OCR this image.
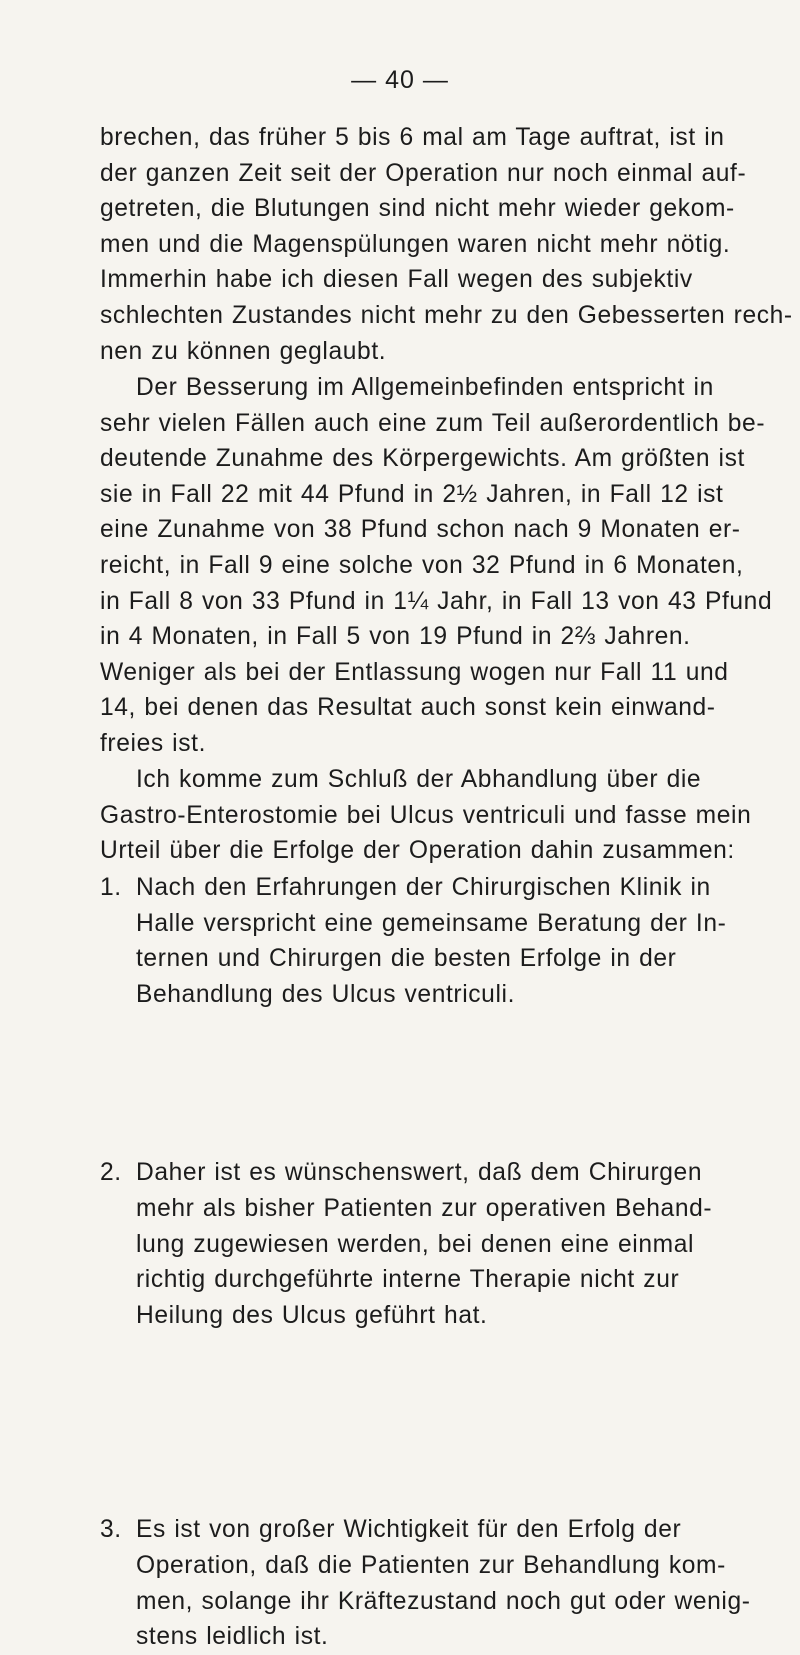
— 40 —
brechen, das früher 5 bis 6 mal am Tage auftrat, ist in
der ganzen Zeit seit der Operation nur noch einmal auf-
getreten, die Blutungen sind nicht mehr wieder gekom-
men und die Magenspülungen waren nicht mehr nötig.
Immerhin habe ich diesen Fall wegen des subjektiv
schlechten Zustandes nicht mehr zu den Gebesserten rech-
nen zu können geglaubt.
Der Besserung im Allgemeinbefinden entspricht in
sehr vielen Fällen auch eine zum Teil außerordentlich be-
deutende Zunahme des Körpergewichts. Am größten ist
sie in Fall 22 mit 44 Pfund in 2½ Jahren, in Fall 12 ist
eine Zunahme von 38 Pfund schon nach 9 Monaten er-
reicht, in Fall 9 eine solche von 32 Pfund in 6 Monaten,
in Fall 8 von 33 Pfund in 1¼ Jahr, in Fall 13 von 43 Pfund
in 4 Monaten, in Fall 5 von 19 Pfund in 2⅔ Jahren.
Weniger als bei der Entlassung wogen nur Fall 11 und
14, bei denen das Resultat auch sonst kein einwand-
freies ist.
Ich komme zum Schluß der Abhandlung über die
Gastro-Enterostomie bei Ulcus ventriculi und fasse mein
Urteil über die Erfolge der Operation dahin zusammen:
1. Nach den Erfahrungen der Chirurgischen Klinik in
Halle verspricht eine gemeinsame Beratung der In-
ternen und Chirurgen die besten Erfolge in der
Behandlung des Ulcus ventriculi.
2. Daher ist es wünschenswert, daß dem Chirurgen
mehr als bisher Patienten zur operativen Behand-
lung zugewiesen werden, bei denen eine einmal
richtig durchgeführte interne Therapie nicht zur
Heilung des Ulcus geführt hat.
3. Es ist von großer Wichtigkeit für den Erfolg der
Operation, daß die Patienten zur Behandlung kom-
men, solange ihr Kräftezustand noch gut oder wenig-
stens leidlich ist.
